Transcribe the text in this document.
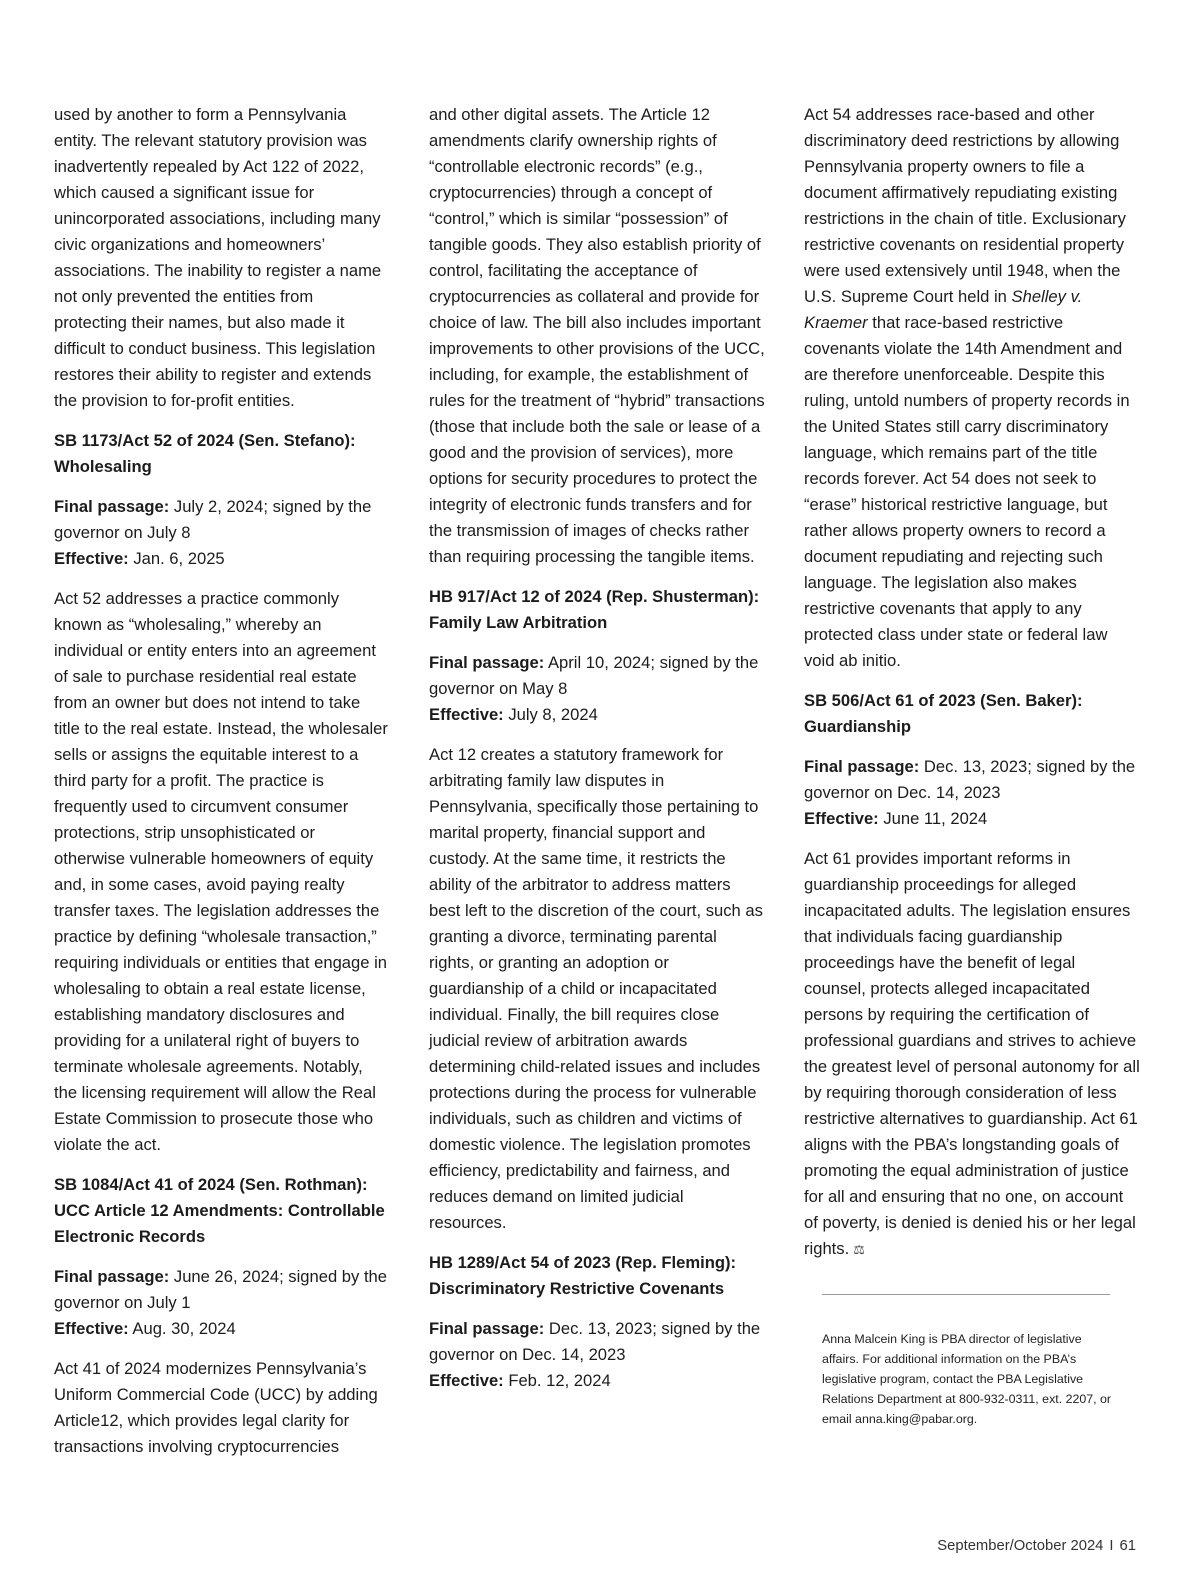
used by another to form a Pennsylvania entity. The relevant statutory provision was inadvertently repealed by Act 122 of 2022, which caused a significant issue for unincorporated associations, including many civic organizations and homeowners’ associations. The inability to register a name not only prevented the entities from protecting their names, but also made it difficult to conduct business. This legislation restores their ability to register and extends the provision to for-profit entities.

SB 1173/Act 52 of 2024 (Sen. Stefano): Wholesaling

Final passage: July 2, 2024; signed by the governor on July 8
Effective: Jan. 6, 2025

Act 52 addresses a practice commonly known as “wholesaling,” whereby an individual or entity enters into an agreement of sale to purchase residential real estate from an owner but does not intend to take title to the real estate. Instead, the wholesaler sells or assigns the equitable interest to a third party for a profit. The practice is frequently used to circumvent consumer protections, strip unsophisticated or otherwise vulnerable homeowners of equity and, in some cases, avoid paying realty transfer taxes. The legislation addresses the practice by defining “wholesale transaction,” requiring individuals or entities that engage in wholesaling to obtain a real estate license, establishing mandatory disclosures and providing for a unilateral right of buyers to terminate wholesale agreements. Notably, the licensing requirement will allow the Real Estate Commission to prosecute those who violate the act.

SB 1084/Act 41 of 2024 (Sen. Rothman): UCC Article 12 Amendments: Controllable Electronic Records

Final passage: June 26, 2024; signed by the governor on July 1
Effective: Aug. 30, 2024

Act 41 of 2024 modernizes Pennsylvania’s Uniform Commercial Code (UCC) by adding Article12, which provides legal clarity for transactions involving cryptocurrencies

and other digital assets. The Article 12 amendments clarify ownership rights of “controllable electronic records” (e.g., cryptocurrencies) through a concept of “control,” which is similar “possession” of tangible goods. They also establish priority of control, facilitating the acceptance of cryptocurrencies as collateral and provide for choice of law. The bill also includes important improvements to other provisions of the UCC, including, for example, the establishment of rules for the treatment of “hybrid” transactions (those that include both the sale or lease of a good and the provision of services), more options for security procedures to protect the integrity of electronic funds transfers and for the transmission of images of checks rather than requiring processing the tangible items.

HB 917/Act 12 of 2024 (Rep. Shusterman): Family Law Arbitration

Final passage: April 10, 2024; signed by the governor on May 8
Effective: July 8, 2024

Act 12 creates a statutory framework for arbitrating family law disputes in Pennsylvania, specifically those pertaining to marital property, financial support and custody. At the same time, it restricts the ability of the arbitrator to address matters best left to the discretion of the court, such as granting a divorce, terminating parental rights, or granting an adoption or guardianship of a child or incapacitated individual. Finally, the bill requires close judicial review of arbitration awards determining child-related issues and includes protections during the process for vulnerable individuals, such as children and victims of domestic violence. The legislation promotes efficiency, predictability and fairness, and reduces demand on limited judicial resources.

HB 1289/Act 54 of 2023 (Rep. Fleming): Discriminatory Restrictive Covenants

Final passage: Dec. 13, 2023; signed by the governor on Dec. 14, 2023
Effective: Feb. 12, 2024

Act 54 addresses race-based and other discriminatory deed restrictions by allowing Pennsylvania property owners to file a document affirmatively repudiating existing restrictions in the chain of title. Exclusionary restrictive covenants on residential property were used extensively until 1948, when the U.S. Supreme Court held in Shelley v. Kraemer that race-based restrictive covenants violate the 14th Amendment and are therefore unenforceable. Despite this ruling, untold numbers of property records in the United States still carry discriminatory language, which remains part of the title records forever. Act 54 does not seek to “erase” historical restrictive language, but rather allows property owners to record a document repudiating and rejecting such language. The legislation also makes restrictive covenants that apply to any protected class under state or federal law void ab initio.

SB 506/Act 61 of 2023 (Sen. Baker): Guardianship

Final passage: Dec. 13, 2023; signed by the governor on Dec. 14, 2023
Effective: June 11, 2024

Act 61 provides important reforms in guardianship proceedings for alleged incapacitated adults. The legislation ensures that individuals facing guardianship proceedings have the benefit of legal counsel, protects alleged incapacitated persons by requiring the certification of professional guardians and strives to achieve the greatest level of personal autonomy for all by requiring thorough consideration of less restrictive alternatives to guardianship. Act 61 aligns with the PBA’s longstanding goals of promoting the equal administration of justice for all and ensuring that no one, on account of poverty, is denied is denied his or her legal rights. ⚖

Anna Malcein King is PBA director of legislative affairs. For additional information on the PBA’s legislative program, contact the PBA Legislative Relations Department at 800-932-0311, ext. 2207, or email anna.king@pabar.org.
September/October 2024 I 61
